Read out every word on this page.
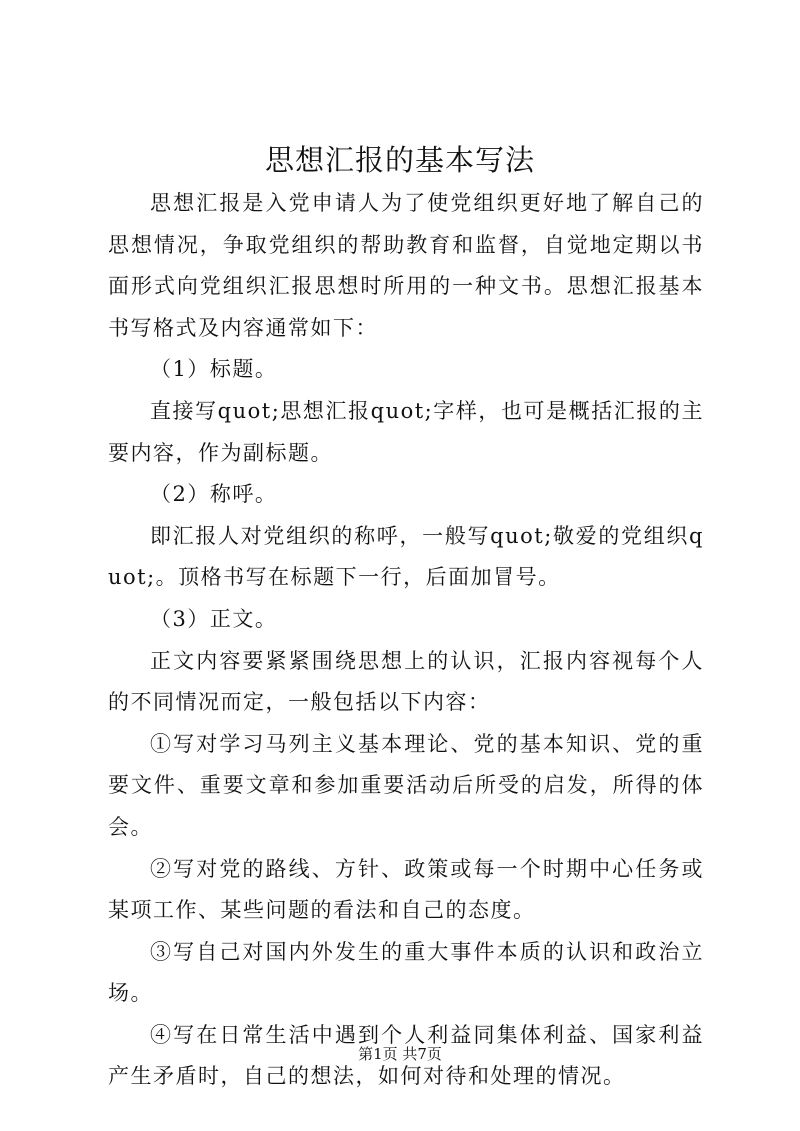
思想汇报的基本写法

思想汇报是入党申请人为了使党组织更好地了解自己的思想情况，争取党组织的帮助教育和监督，自觉地定期以书面形式向党组织汇报思想时所用的一种文书。思想汇报基本书写格式及内容通常如下：

（1）标题。

直接写quot;思想汇报quot;字样，也可是概括汇报的主要内容，作为副标题。

（2）称呼。

即汇报人对党组织的称呼，一般写quot;敬爱的党组织quot;。顶格书写在标题下一行，后面加冒号。

（3）正文。

正文内容要紧紧围绕思想上的认识，汇报内容视每个人的不同情况而定，一般包括以下内容：

①写对学习马列主义基本理论、党的基本知识、党的重要文件、重要文章和参加重要活动后所受的启发，所得的体会。

②写对党的路线、方针、政策或每一个时期中心任务或某项工作、某些问题的看法和自己的态度。

③写自己对国内外发生的重大事件本质的认识和政治立场。

④写在日常生活中遇到个人利益同集体利益、国家利益产生矛盾时，自己的想法，如何对待和处理的情况。

第1页 共7页
